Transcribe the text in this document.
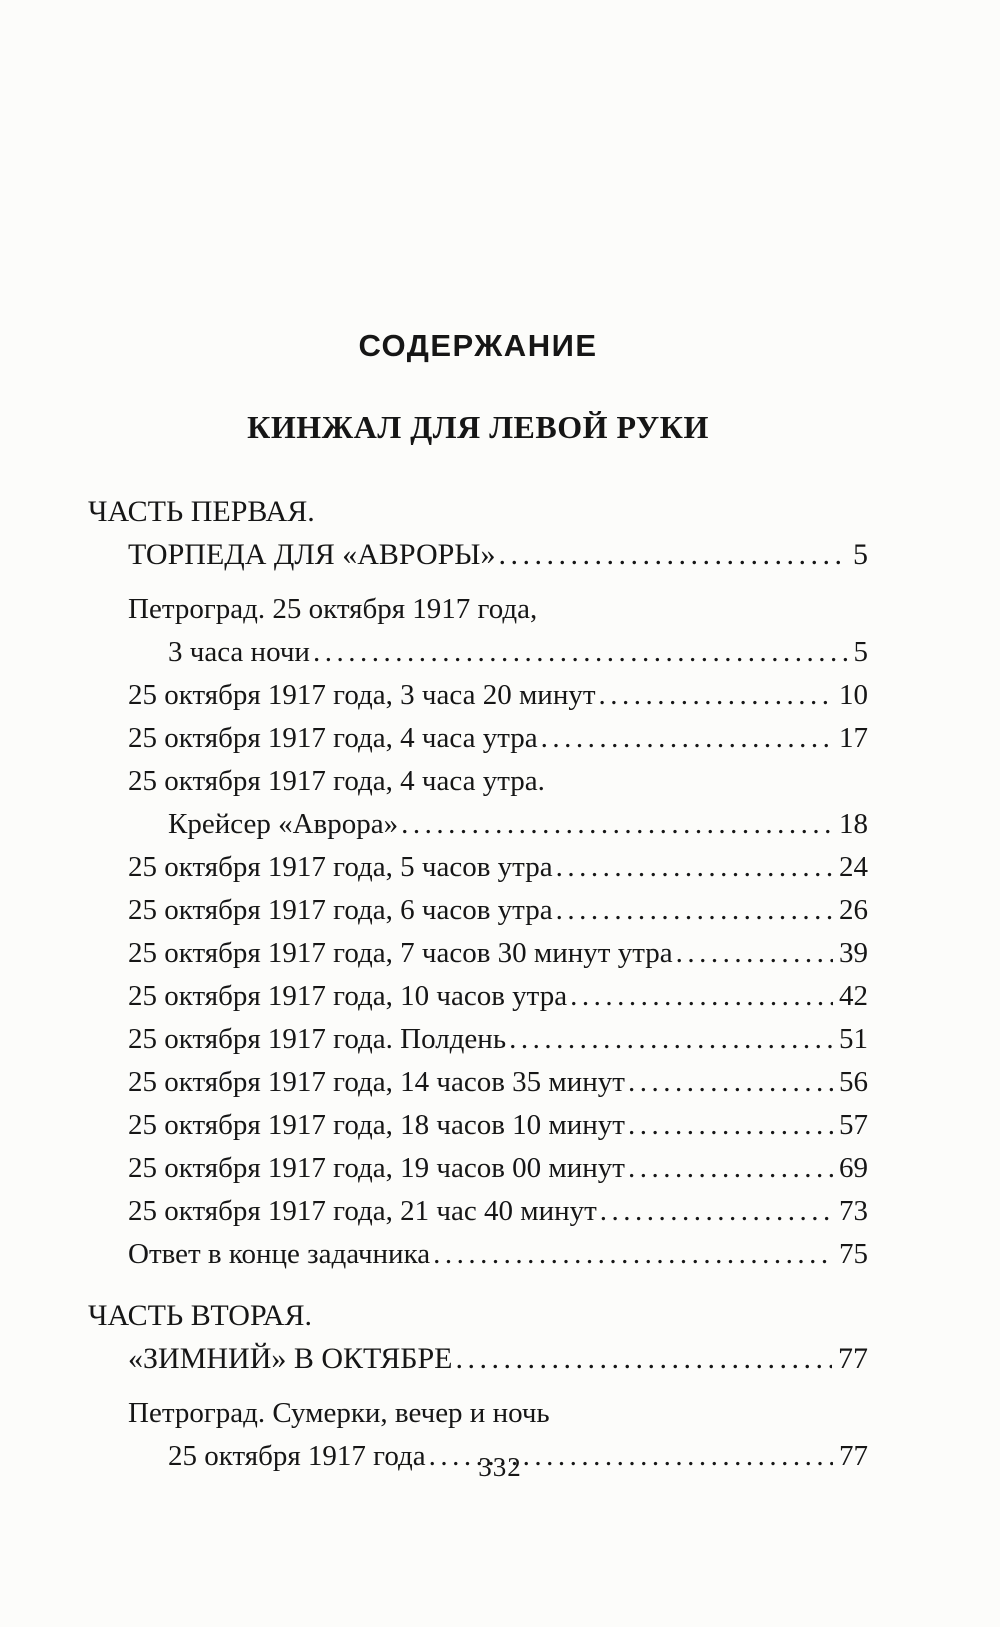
СОДЕРЖАНИЕ
КИНЖАЛ ДЛЯ ЛЕВОЙ РУКИ
ЧАСТЬ ПЕРВАЯ.
ТОРПЕДА ДЛЯ «АВРОРЫ» .....	5
Петроград. 25 октября 1917 года,
3 часа ночи .....	5
25 октября 1917 года, 3 часа 20 минут .....	10
25 октября 1917 года, 4 часа утра .....	17
25 октября 1917 года, 4 часа утра.
Крейсер «Аврора» .....	18
25 октября 1917 года, 5 часов утра .....	24
25 октября 1917 года, 6 часов утра .....	26
25 октября 1917 года, 7 часов 30 минут утра .....	39
25 октября 1917 года, 10 часов утра .....	42
25 октября 1917 года. Полдень .....	51
25 октября 1917 года, 14 часов 35 минут .....	56
25 октября 1917 года, 18 часов 10 минут .....	57
25 октября 1917 года, 19 часов 00 минут .....	69
25 октября 1917 года, 21 час 40 минут .....	73
Ответ в конце задачника .....	75
ЧАСТЬ ВТОРАЯ.
«ЗИМНИЙ» В ОКТЯБРЕ .....	77
Петроград. Сумерки, вечер и ночь
25 октября 1917 года .....	77
332
